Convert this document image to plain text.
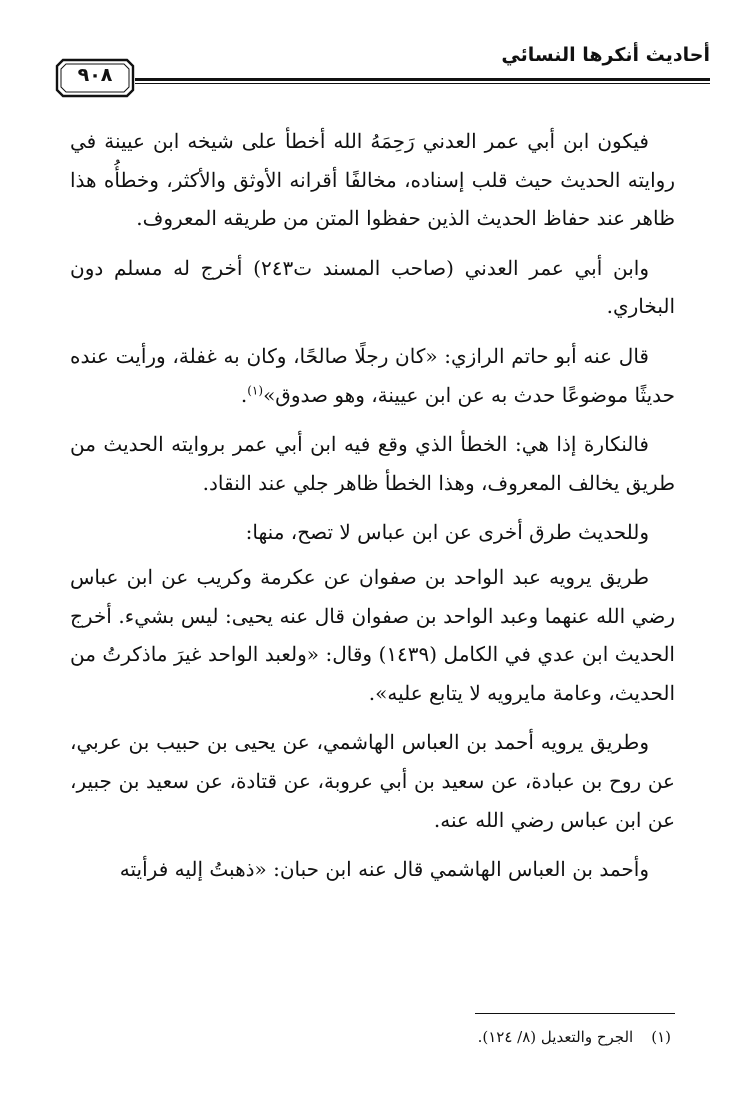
أحاديث أنكرها النسائي
٩٠٨

فيكون ابن أبي عمر العدني رَحِمَهُ الله أخطأ على شيخه ابن عيينة في روايته الحديث حيث قلب إسناده، مخالفًا أقرانه الأوثق والأكثر، وخطأُه هذا ظاهر عند حفاظ الحديث الذين حفظوا المتن من طريقه المعروف.

وابن أبي عمر العدني (صاحب المسند ت٢٤٣) أخرج له مسلم دون البخاري.

قال عنه أبو حاتم الرازي: «كان رجلًا صالحًا، وكان به غفلة، ورأيت عنده حديثًا موضوعًا حدث به عن ابن عيينة، وهو صدوق»$^{(١)}$.

فالنكارة إذا هي: الخطأ الذي وقع فيه ابن أبي عمر بروايته الحديث من طريق يخالف المعروف، وهذا الخطأ ظاهر جلي عند النقاد.

وللحديث طرق أخرى عن ابن عباس لا تصح، منها:

طريق يرويه عبد الواحد بن صفوان عن عكرمة وكريب عن ابن عباس رضي الله عنهما وعبد الواحد بن صفوان قال عنه يحيى: ليس بشيء. أخرج الحديث ابن عدي في الكامل (١٤٣٩) وقال: «ولعبد الواحد غيرَ ماذكرتُ من الحديث، وعامة مايرويه لا يتابع عليه».

وطريق يرويه أحمد بن العباس الهاشمي، عن يحيى بن حبيب بن عربي، عن روح بن عبادة، عن سعيد بن أبي عروبة، عن قتادة، عن سعيد بن جبير، عن ابن عباس رضي الله عنه.

وأحمد بن العباس الهاشمي قال عنه ابن حبان: «ذهبتُ إليه فرأيته

(١)الجرح والتعديل (٨/ ١٢٤).
